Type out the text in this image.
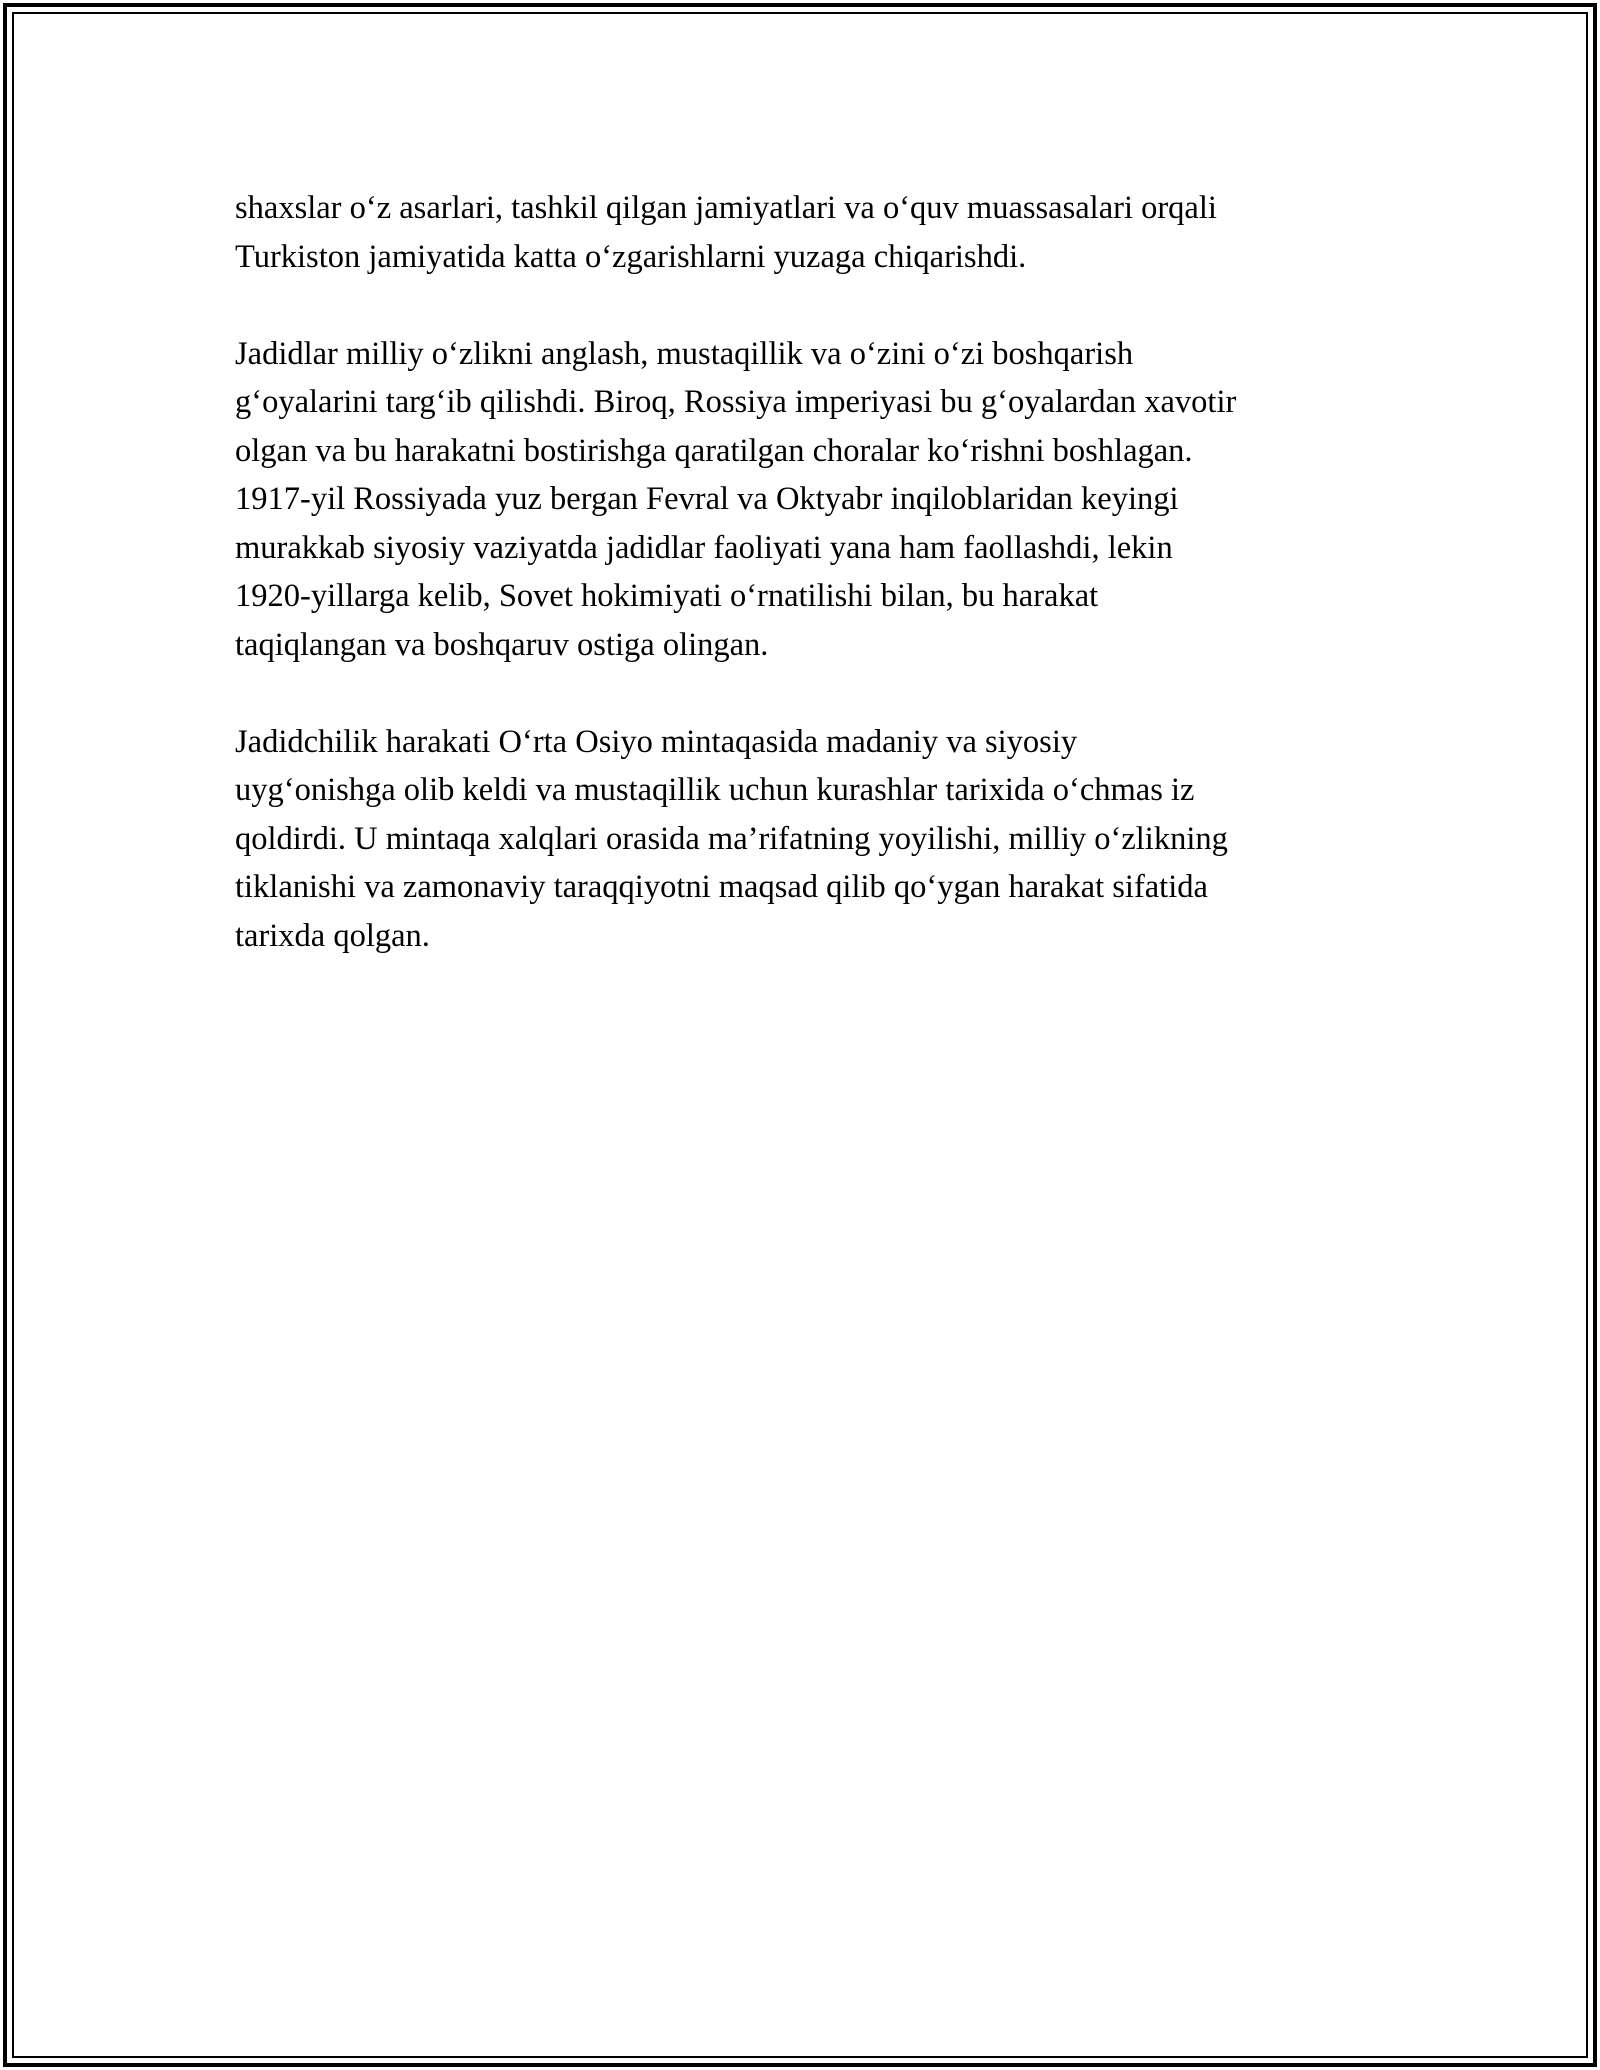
shaxslar o‘z asarlari, tashkil qilgan jamiyatlari va o‘quv muassasalari orqali
Turkiston jamiyatida katta o‘zgarishlarni yuzaga chiqarishdi.
Jadidlar milliy o‘zlikni anglash, mustaqillik va o‘zini o‘zi boshqarish
g‘oyalarini targ‘ib qilishdi. Biroq, Rossiya imperiyasi bu g‘oyalardan xavotir
olgan va bu harakatni bostirishga qaratilgan choralar ko‘rishni boshlagan.
1917-yil Rossiyada yuz bergan Fevral va Oktyabr inqiloblaridan keyingi
murakkab siyosiy vaziyatda jadidlar faoliyati yana ham faollashdi, lekin
1920-yillarga kelib, Sovet hokimiyati o‘rnatilishi bilan, bu harakat
taqiqlangan va boshqaruv ostiga olingan.
Jadidchilik harakati O‘rta Osiyo mintaqasida madaniy va siyosiy
uyg‘onishga olib keldi va mustaqillik uchun kurashlar tarixida o‘chmas iz
qoldirdi. U mintaqa xalqlari orasida ma’rifatning yoyilishi, milliy o‘zlikning
tiklanishi va zamonaviy taraqqiyotni maqsad qilib qo‘ygan harakat sifatida
tarixda qolgan.
